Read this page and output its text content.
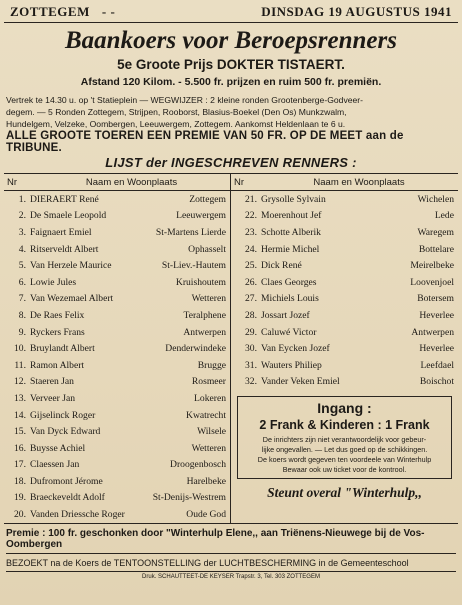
ZOTTEGEM - -	DINSDAG 19 AUGUSTUS 1941
Baankoers voor Beroepsrenners
5e Groote Prijs DOKTER TISTAERT.
Afstand 120 Kilom. - 5.500 fr. prijzen en ruim 500 fr. premiën.
Vertrek te 14.30 u. op 't Statieplein — WEGWIJZER : 2 kleine ronden Grootenberge-Godveer-
degem. — 5 Ronden Zottegem, Strijpen, Rooborst, Blasius-Boekel (Den Os) Munkzwalm,
Hundelgem, Velzeke, Oombergen, Leeuwergem, Zottegem. Aankomst Heldenlaan te 6 u.
ALLE GROOTE TOEREN EEN PREMIE VAN 50 FR. OP DE MEET aan de TRIBUNE.
LIJST der INGESCHREVEN RENNERS :
Nr	Naam en Woonplaats
1. DIERAERT René	Zottegem
2. De Smaele Leopold	Leeuwergem
3. Faignaert Emiel	St-Martens Lierde
4. Ritserveldt Albert	Ophasselt
5. Van Herzele Maurice	St-Liev.-Hautem
6. Lowie Jules	Kruishoutem
7. Van Wezemael Albert	Wetteren
8. De Raes Felix	Teralphene
9. Ryckers Frans	Antwerpen
10. Bruylandt Albert	Denderwindeke
11. Ramon Albert	Brugge
12. Staeren Jan	Rosmeer
13. Verveer Jan	Lokeren
14. Gijselinck Roger	Kwatrecht
15. Van Dyck Edward	Wilsele
16. Buysse Achiel	Wetteren
17. Claessen Jan	Droogenbosch
18. Dufromont Jérome	Harelbeke
19. Braeckeveldt Adolf	St-Denijs-Westrem
20. Vanden Driessche Roger	Oude God
Nr	Naam en Woonplaats
21. Grysolle Sylvain	Wichelen
22. Moerenhout Jef	Lede
23. Schotte Alberik	Waregem
24. Hermie Michel	Bottelare
25. Dick René	Meirelbeke
26. Claes Georges	Loovenjoel
27. Michiels Louis	Botersem
28. Jossart Jozef	Heverlee
29. Caluwé Victor	Antwerpen
30. Van Eycken Jozef	Heverlee
31. Wauters Philiep	Leefdael
32. Vander Veken Emiel	Boischot
Ingang :
2 Frank & Kinderen : 1 Frank
De inrichters zijn niet verantwoordelijk voor gebeur-
lijke ongevallen. — Let dus goed op de schikkingen.
De koers wordt gegeven ten voordeele van Winterhulp
Bewaar ook uw ticket voor de kontrool.
Steunt overal "Winterhulp,,
Premie : 100 fr. geschonken door "Winterhulp Elene,, aan Triënens-Nieuwege bij de Vos-Oombergen
BEZOEKT na de Koers de TENTOONSTELLING der LUCHTBESCHERMING in de Gemeenteschool
Druk. SCHAUTTEET-DE KEYSER Trapstr. 3, Tel. 303 ZOTTEGEM
